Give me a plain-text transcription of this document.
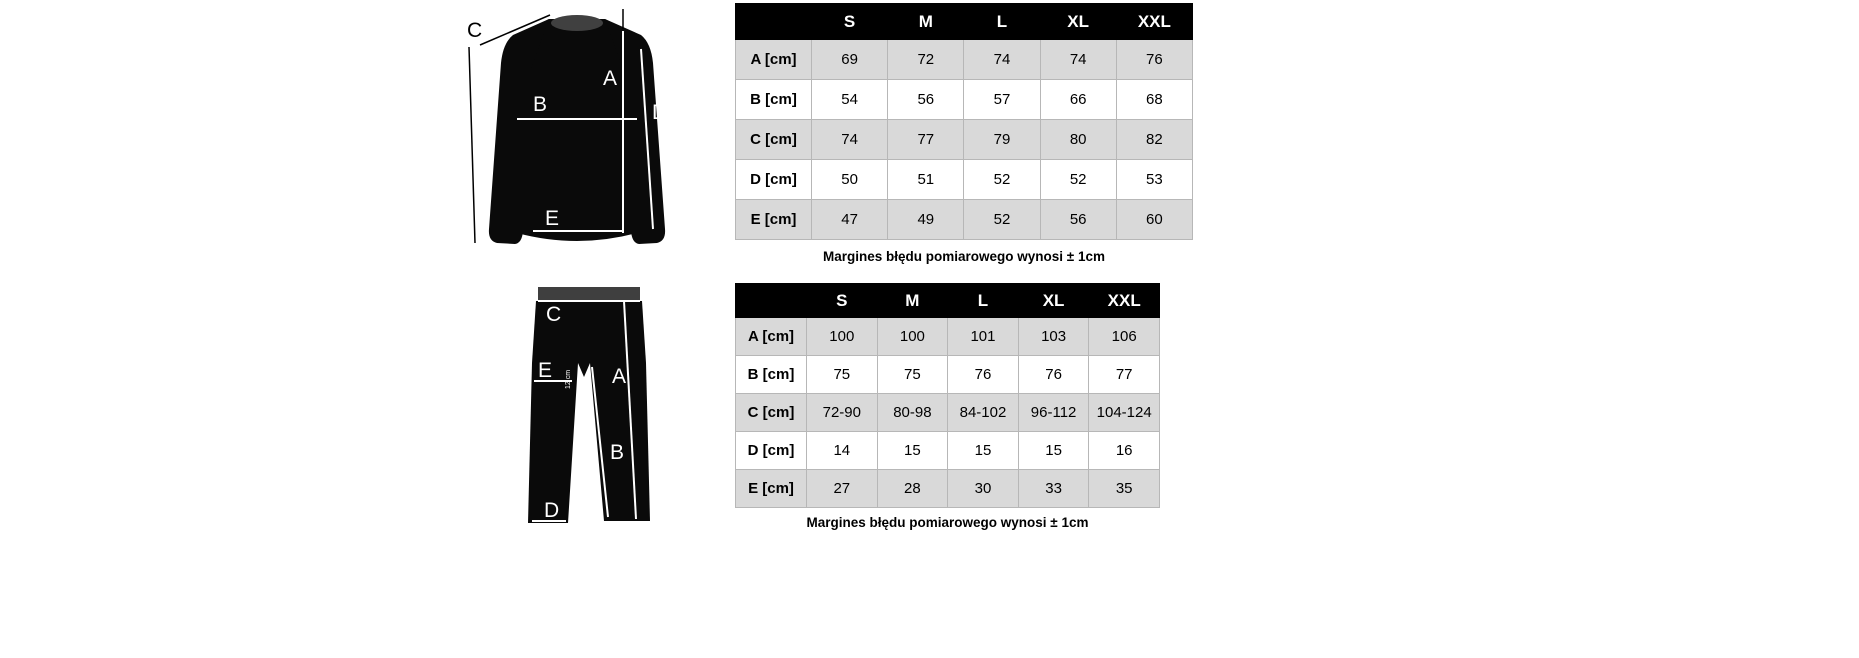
C
A
B	D
E
C
E 12 cm A
B
D
	S	M	L	XL	XXL
A [cm]	69	72	74	74	76
B [cm]	54	56	57	66	68
C [cm]	74	77	79	80	82
D [cm]	50	51	52	52	53
E [cm]	47	49	52	56	60
Margines błędu pomiarowego wynosi ± 1cm
	S	M	L	XL	XXL
A [cm]	100	100	101	103	106
B [cm]	75	75	76	76	77
C [cm]	72-90	80-98	84-102	96-112	104-124
D [cm]	14	15	15	15	16
E [cm]	27	28	30	33	35
Margines błędu pomiarowego wynosi ± 1cm
